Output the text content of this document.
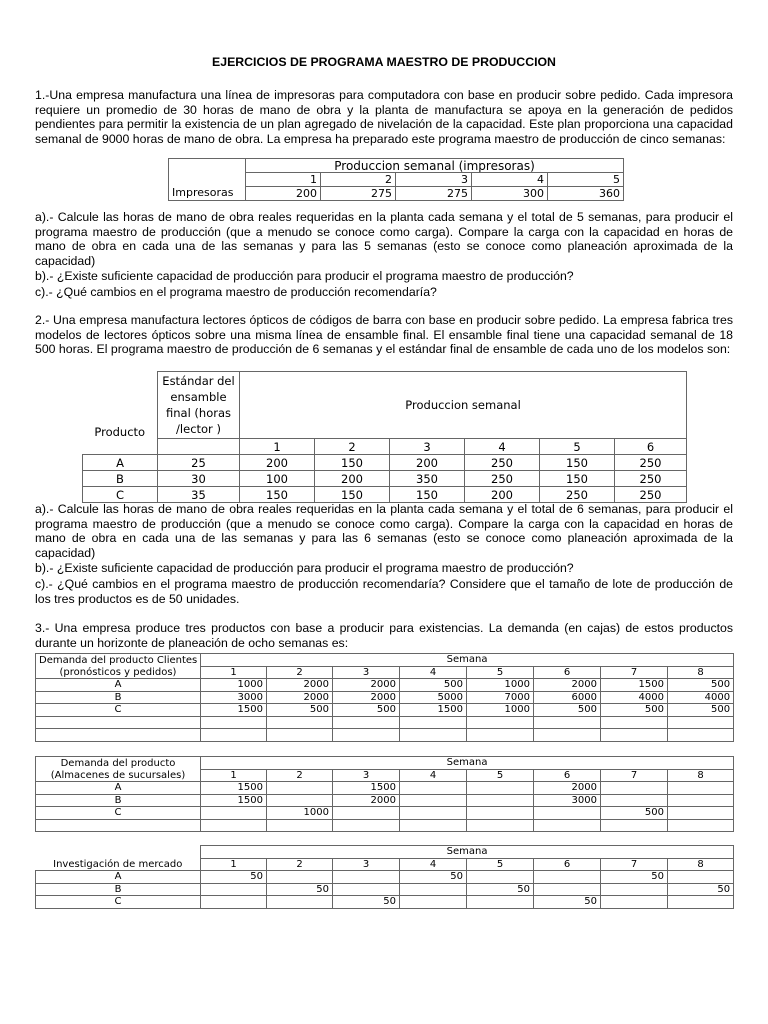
EJERCICIOS DE PROGRAMA MAESTRO DE PRODUCCION
1.-Una empresa manufactura una línea de impresoras para computadora con base en producir sobre pedido. Cada impresora requiere un promedio de 30 horas de mano de obra y la planta de manufactura se apoya en la generación de pedidos pendientes para permitir la existencia de un plan agregado de nivelación de la capacidad. Este plan proporciona una capacidad semanal de 9000 horas de mano de obra. La empresa ha preparado este programa maestro de producción de cinco semanas:
	Produccion semanal (impresoras)				
	1	2	3	4	5
Impresoras	200	275	275	300	360
a).- Calcule las horas de mano de obra reales requeridas en la planta cada semana y el total de 5 semanas, para producir el programa maestro de producción (que a menudo se conoce como carga). Compare la carga con la capacidad en horas de mano de obra en cada una de las semanas y para las 5 semanas (esto se conoce como planeación aproximada de la capacidad)
b).- ¿Existe suficiente capacidad de producción para producir el programa maestro de producción?
c).- ¿Qué cambios en el programa maestro de producción recomendaría?
2.- Una empresa manufactura lectores ópticos de códigos de barra con base en producir sobre pedido. La empresa fabrica tres modelos de lectores ópticos sobre una misma línea de ensamble final. El ensamble final tiene una capacidad semanal de 18 500 horas. El programa maestro de producción de 6 semanas y el estándar final de ensamble de cada uno de los modelos son:
Producto	Estándar del
ensamble
final (horas
/lector )	Produccion semanal					
		1	2	3	4	5	6
A	25	200	150	200	250	150	250
B	30	100	200	350	250	150	250
C	35	150	150	150	200	250	250
a).- Calcule las horas de mano de obra reales requeridas en la planta cada semana y el total de 6 semanas, para producir el programa maestro de producción (que a menudo se conoce como carga). Compare la carga con la capacidad en horas de mano de obra en cada una de las semanas y para las 6 semanas (esto se conoce como planeación aproximada de la capacidad)
b).- ¿Existe suficiente capacidad de producción para producir el programa maestro de producción?
c).- ¿Qué cambios en el programa maestro de producción recomendaría? Considere que el tamaño de lote de producción de los tres productos es de 50 unidades.
3.- Una empresa produce tres productos con base a producir para existencias. La demanda (en cajas) de estos productos durante un horizonte de planeación de ocho semanas es:
Demanda del producto Clientes	Semana							
(pronósticos y pedidos)	1	2	3	4	5	6	7	8
A	1000	2000	2000	500	1000	2000	1500	500
B	3000	2000	2000	5000	7000	6000	4000	4000
C	1500	500	500	1500	1000	500	500	500

Demanda del producto	Semana							
(Almacenes de sucursales)	1	2	3	4	5	6	7	8
A	1500		1500			2000		
B	1500		2000			3000		
C		1000					500	

	Semana							
Investigación de mercado	1	2	3	4	5	6	7	8
A	50			50			50	
B		50			50			50
C			50			50		
